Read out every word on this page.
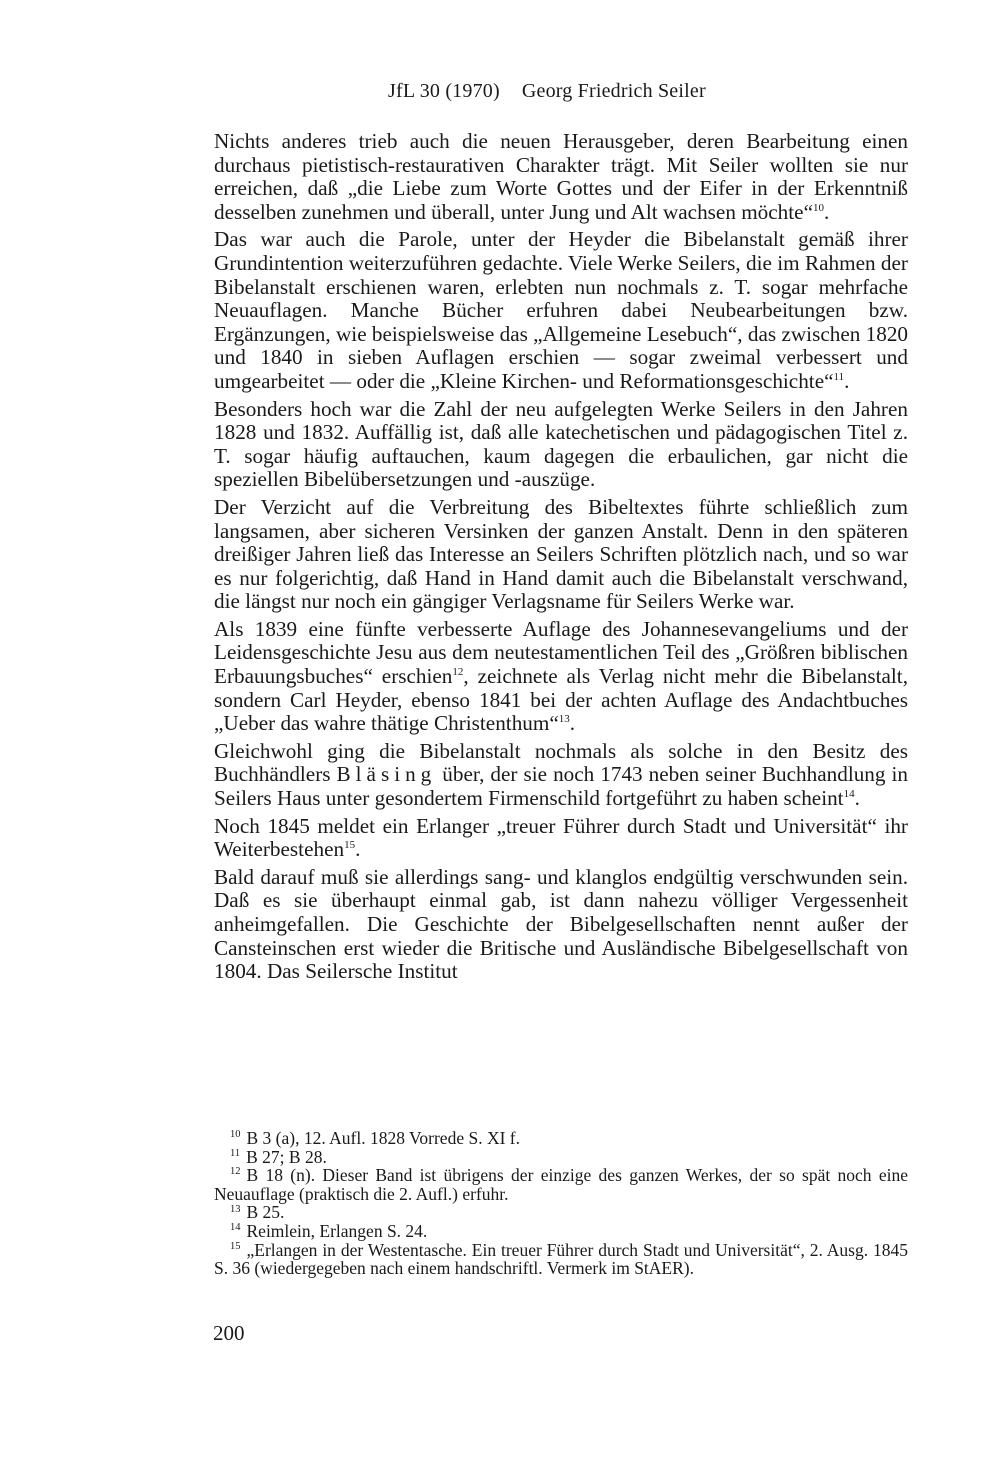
JfL 30 (1970) Georg Friedrich Seiler

Nichts anderes trieb auch die neuen Herausgeber, deren Bearbeitung einen durchaus pietistisch-restaurativen Charakter trägt. Mit Seiler wollten sie nur erreichen, daß „die Liebe zum Worte Gottes und der Eifer in der Erkenntniß desselben zunehmen und überall, unter Jung und Alt wachsen möchte“$^{10}$.

Das war auch die Parole, unter der Heyder die Bibelanstalt gemäß ihrer Grundintention weiterzuführen gedachte. Viele Werke Seilers, die im Rahmen der Bibelanstalt erschienen waren, erlebten nun nochmals z. T. sogar mehrfache Neuauflagen. Manche Bücher erfuhren dabei Neubearbeitungen bzw. Ergänzungen, wie beispielsweise das „Allgemeine Lesebuch“, das zwischen 1820 und 1840 in sieben Auflagen erschien — sogar zweimal verbessert und umgearbeitet — oder die „Kleine Kirchen- und Reformationsgeschichte“$^{11}$.

Besonders hoch war die Zahl der neu aufgelegten Werke Seilers in den Jahren 1828 und 1832. Auffällig ist, daß alle katechetischen und pädagogischen Titel z. T. sogar häufig auftauchen, kaum dagegen die erbaulichen, gar nicht die speziellen Bibelübersetzungen und -auszüge.

Der Verzicht auf die Verbreitung des Bibeltextes führte schließlich zum langsamen, aber sicheren Versinken der ganzen Anstalt. Denn in den späteren dreißiger Jahren ließ das Interesse an Seilers Schriften plötzlich nach, und so war es nur folgerichtig, daß Hand in Hand damit auch die Bibelanstalt verschwand, die längst nur noch ein gängiger Verlagsname für Seilers Werke war.

Als 1839 eine fünfte verbesserte Auflage des Johannesevangeliums und der Leidensgeschichte Jesu aus dem neutestamentlichen Teil des „Größren biblischen Erbauungsbuches“ erschien$^{12}$, zeichnete als Verlag nicht mehr die Bibelanstalt, sondern Carl Heyder, ebenso 1841 bei der achten Auflage des Andachtbuches „Ueber das wahre thätige Christenthum“$^{13}$.

Gleichwohl ging die Bibelanstalt nochmals als solche in den Besitz des Buchhändlers Bläsing über, der sie noch 1743 neben seiner Buchhandlung in Seilers Haus unter gesondertem Firmenschild fortgeführt zu haben scheint$^{14}$.

Noch 1845 meldet ein Erlanger „treuer Führer durch Stadt und Universität“ ihr Weiterbestehen$^{15}$.

Bald darauf muß sie allerdings sang- und klanglos endgültig verschwunden sein. Daß es sie überhaupt einmal gab, ist dann nahezu völliger Vergessenheit anheimgefallen. Die Geschichte der Bibelgesellschaften nennt außer der Cansteinschen erst wieder die Britische und Ausländische Bibelgesellschaft von 1804. Das Seilersche Institut

$^{10}$ B 3 (a), 12. Aufl. 1828 Vorrede S. XI f.

$^{11}$ B 27; B 28.

$^{12}$ B 18 (n). Dieser Band ist übrigens der einzige des ganzen Werkes, der so spät noch eine Neuauflage (praktisch die 2. Aufl.) erfuhr.

$^{13}$ B 25.

$^{14}$ Reimlein, Erlangen S. 24.

$^{15}$ „Erlangen in der Westentasche. Ein treuer Führer durch Stadt und Universität“, 2. Ausg. 1845 S. 36 (wiedergegeben nach einem handschriftl. Vermerk im StAER).

200
